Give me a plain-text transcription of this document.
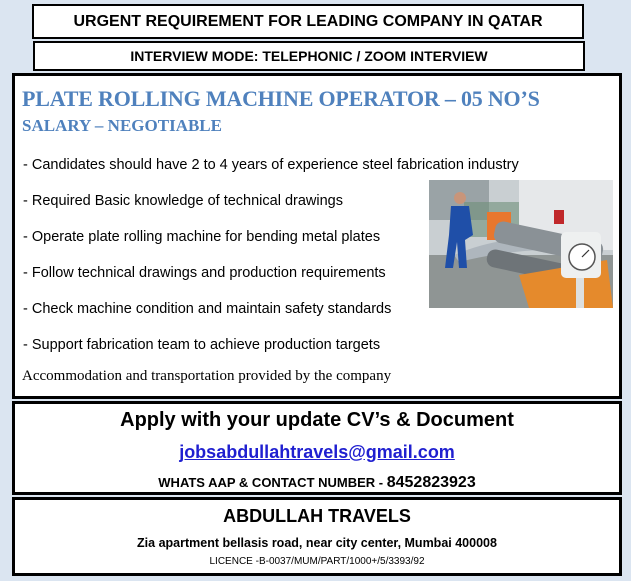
URGENT REQUIREMENT FOR LEADING COMPANY IN QATAR
INTERVIEW MODE: TELEPHONIC / ZOOM INTERVIEW
PLATE ROLLING MACHINE OPERATOR – 05 NO’S
SALARY – NEGOTIABLE
- Candidates should have 2 to 4 years of experience steel fabrication industry
- Required Basic knowledge of technical drawings
- Operate plate rolling machine for bending metal plates
- Follow technical drawings and production requirements
- Check machine condition and maintain safety standards
- Support fabrication team to achieve production targets
Accommodation and transportation provided by the company
Apply with your update CV’s & Document
jobsabdullahtravels@gmail.com
WHATS AAP & CONTACT NUMBER - 8452823923
ABDULLAH TRAVELS
Zia apartment bellasis road, near city center, Mumbai 400008
LICENCE -B-0037/MUM/PART/1000+/5/3393/92
